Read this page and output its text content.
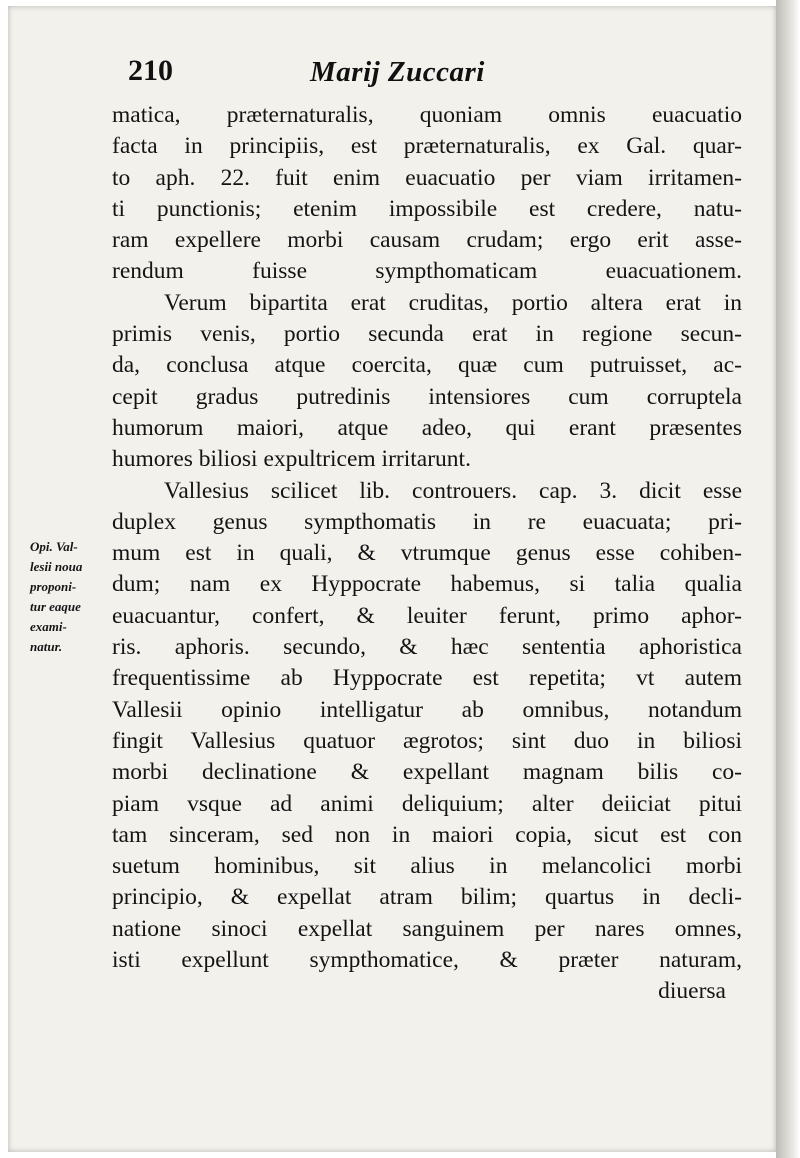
210	Marij Zuccari
Opi. Val-
lesii noua
proponi-
tur eaque
exami-
natur.
matica, præternaturalis, quoniam omnis euacuatio
facta in principiis, est præternaturalis, ex Gal. quar-
to aph. 22. fuit enim euacuatio per viam irritamen-
ti punctionis; etenim impossibile est credere, natu-
ram expellere morbi causam crudam; ergo erit asse-
rendum fuisse sympthomaticam euacuationem.
Verum bipartita erat cruditas, portio altera erat in
primis venis, portio secunda erat in regione secun-
da, conclusa atque coercita, quæ cum putruisset, ac-
cepit gradus putredinis intensiores cum corruptela
humorum maiori, atque adeo, qui erant præsentes
humores biliosi expultricem irritarunt.
Vallesius scilicet lib. controuers. cap. 3. dicit esse
duplex genus sympthomatis in re euacuata; pri-
mum est in quali, & vtrumque genus esse cohiben-
dum; nam ex Hyppocrate habemus, si talia qualia
euacuantur, confert, & leuiter ferunt, primo aphor-
ris. aphoris. secundo, & hæc sententia aphoristica
frequentissime ab Hyppocrate est repetita; vt autem
Vallesii opinio intelligatur ab omnibus, notandum
fingit Vallesius quatuor ægrotos; sint duo in biliosi
morbi declinatione & expellant magnam bilis co-
piam vsque ad animi deliquium; alter deiiciat pitui
tam sinceram, sed non in maiori copia, sicut est con
suetum hominibus, sit alius in melancolici morbi
principio, & expellat atram bilim; quartus in decli-
natione sinoci expellat sanguinem per nares omnes,
isti expellunt sympthomatice, & præter naturam,
diuersa
